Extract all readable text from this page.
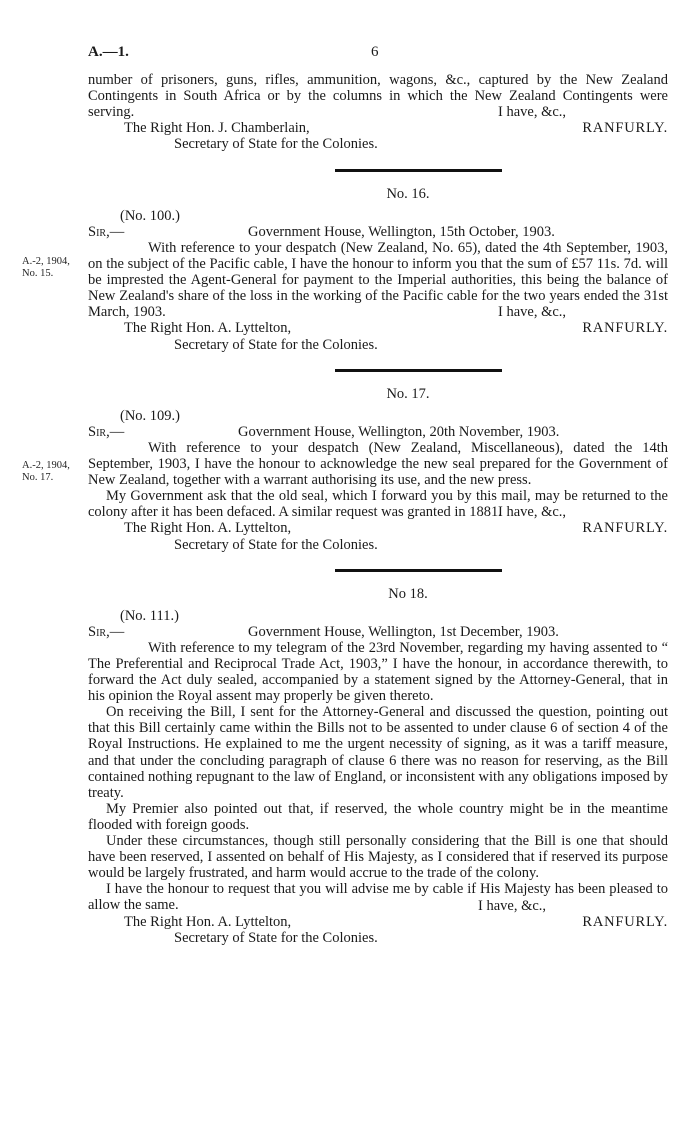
A.—1.	6
A.-2, 1904,
No. 15.
A.-2, 1904,
No. 17.

number of prisoners, guns, rifles, ammunition, wagons, &c., captured by the New Zealand Contingents in South Africa or by the columns in which the New Zealand Contingents were serving.	I have, &c.,
The Right Hon. J. Chamberlain,	RANFURLY.

Secretary of State for the Colonies.

No. 16.

(No. 100.)

Sir,—	Government House, Wellington, 15th October, 1903.

With reference to your despatch (New Zealand, No. 65), dated the 4th September, 1903, on the subject of the Pacific cable, I have the honour to inform you that the sum of £57 11s. 7d. will be imprested the Agent-General for payment to the Imperial authorities, this being the balance of New Zealand's share of the loss in the working of the Pacific cable for the two years ended the 31st March, 1903.	I have, &c.,
The Right Hon. A. Lyttelton,	RANFURLY.

Secretary of State for the Colonies.

No. 17.

(No. 109.)

Sir,—	Government House, Wellington, 20th November, 1903.

With reference to your despatch (New Zealand, Miscellaneous), dated the 14th September, 1903, I have the honour to acknowledge the new seal prepared for the Government of New Zealand, together with a warrant authorising its use, and the new press.

My Government ask that the old seal, which I forward you by this mail, may be returned to the colony after it has been defaced. A similar request was granted in 1881.

I have, &c.,
The Right Hon. A. Lyttelton,	RANFURLY.

Secretary of State for the Colonies.

No 18.

(No. 111.)

Sir,—	Government House, Wellington, 1st December, 1903.

With reference to my telegram of the 23rd November, regarding my having assented to “ The Preferential and Reciprocal Trade Act, 1903,” I have the honour, in accordance therewith, to forward the Act duly sealed, accompanied by a statement signed by the Attorney-General, that in his opinion the Royal assent may properly be given thereto.

On receiving the Bill, I sent for the Attorney-General and discussed the question, pointing out that this Bill certainly came within the Bills not to be assented to under clause 6 of section 4 of the Royal Instructions. He explained to me the urgent necessity of signing, as it was a tariff measure, and that under the concluding paragraph of clause 6 there was no reason for reserving, as the Bill contained nothing repugnant to the law of England, or inconsistent with any obligations imposed by treaty.

My Premier also pointed out that, if reserved, the whole country might be in the meantime flooded with foreign goods.

Under these circumstances, though still personally considering that the Bill is one that should have been reserved, I assented on behalf of His Majesty, as I considered that if reserved its purpose would be largely frustrated, and harm would accrue to the trade of the colony.

I have the honour to request that you will advise me by cable if His Majesty has been pleased to allow the same.	I have, &c.,
The Right Hon. A. Lyttelton,	RANFURLY.

Secretary of State for the Colonies.
